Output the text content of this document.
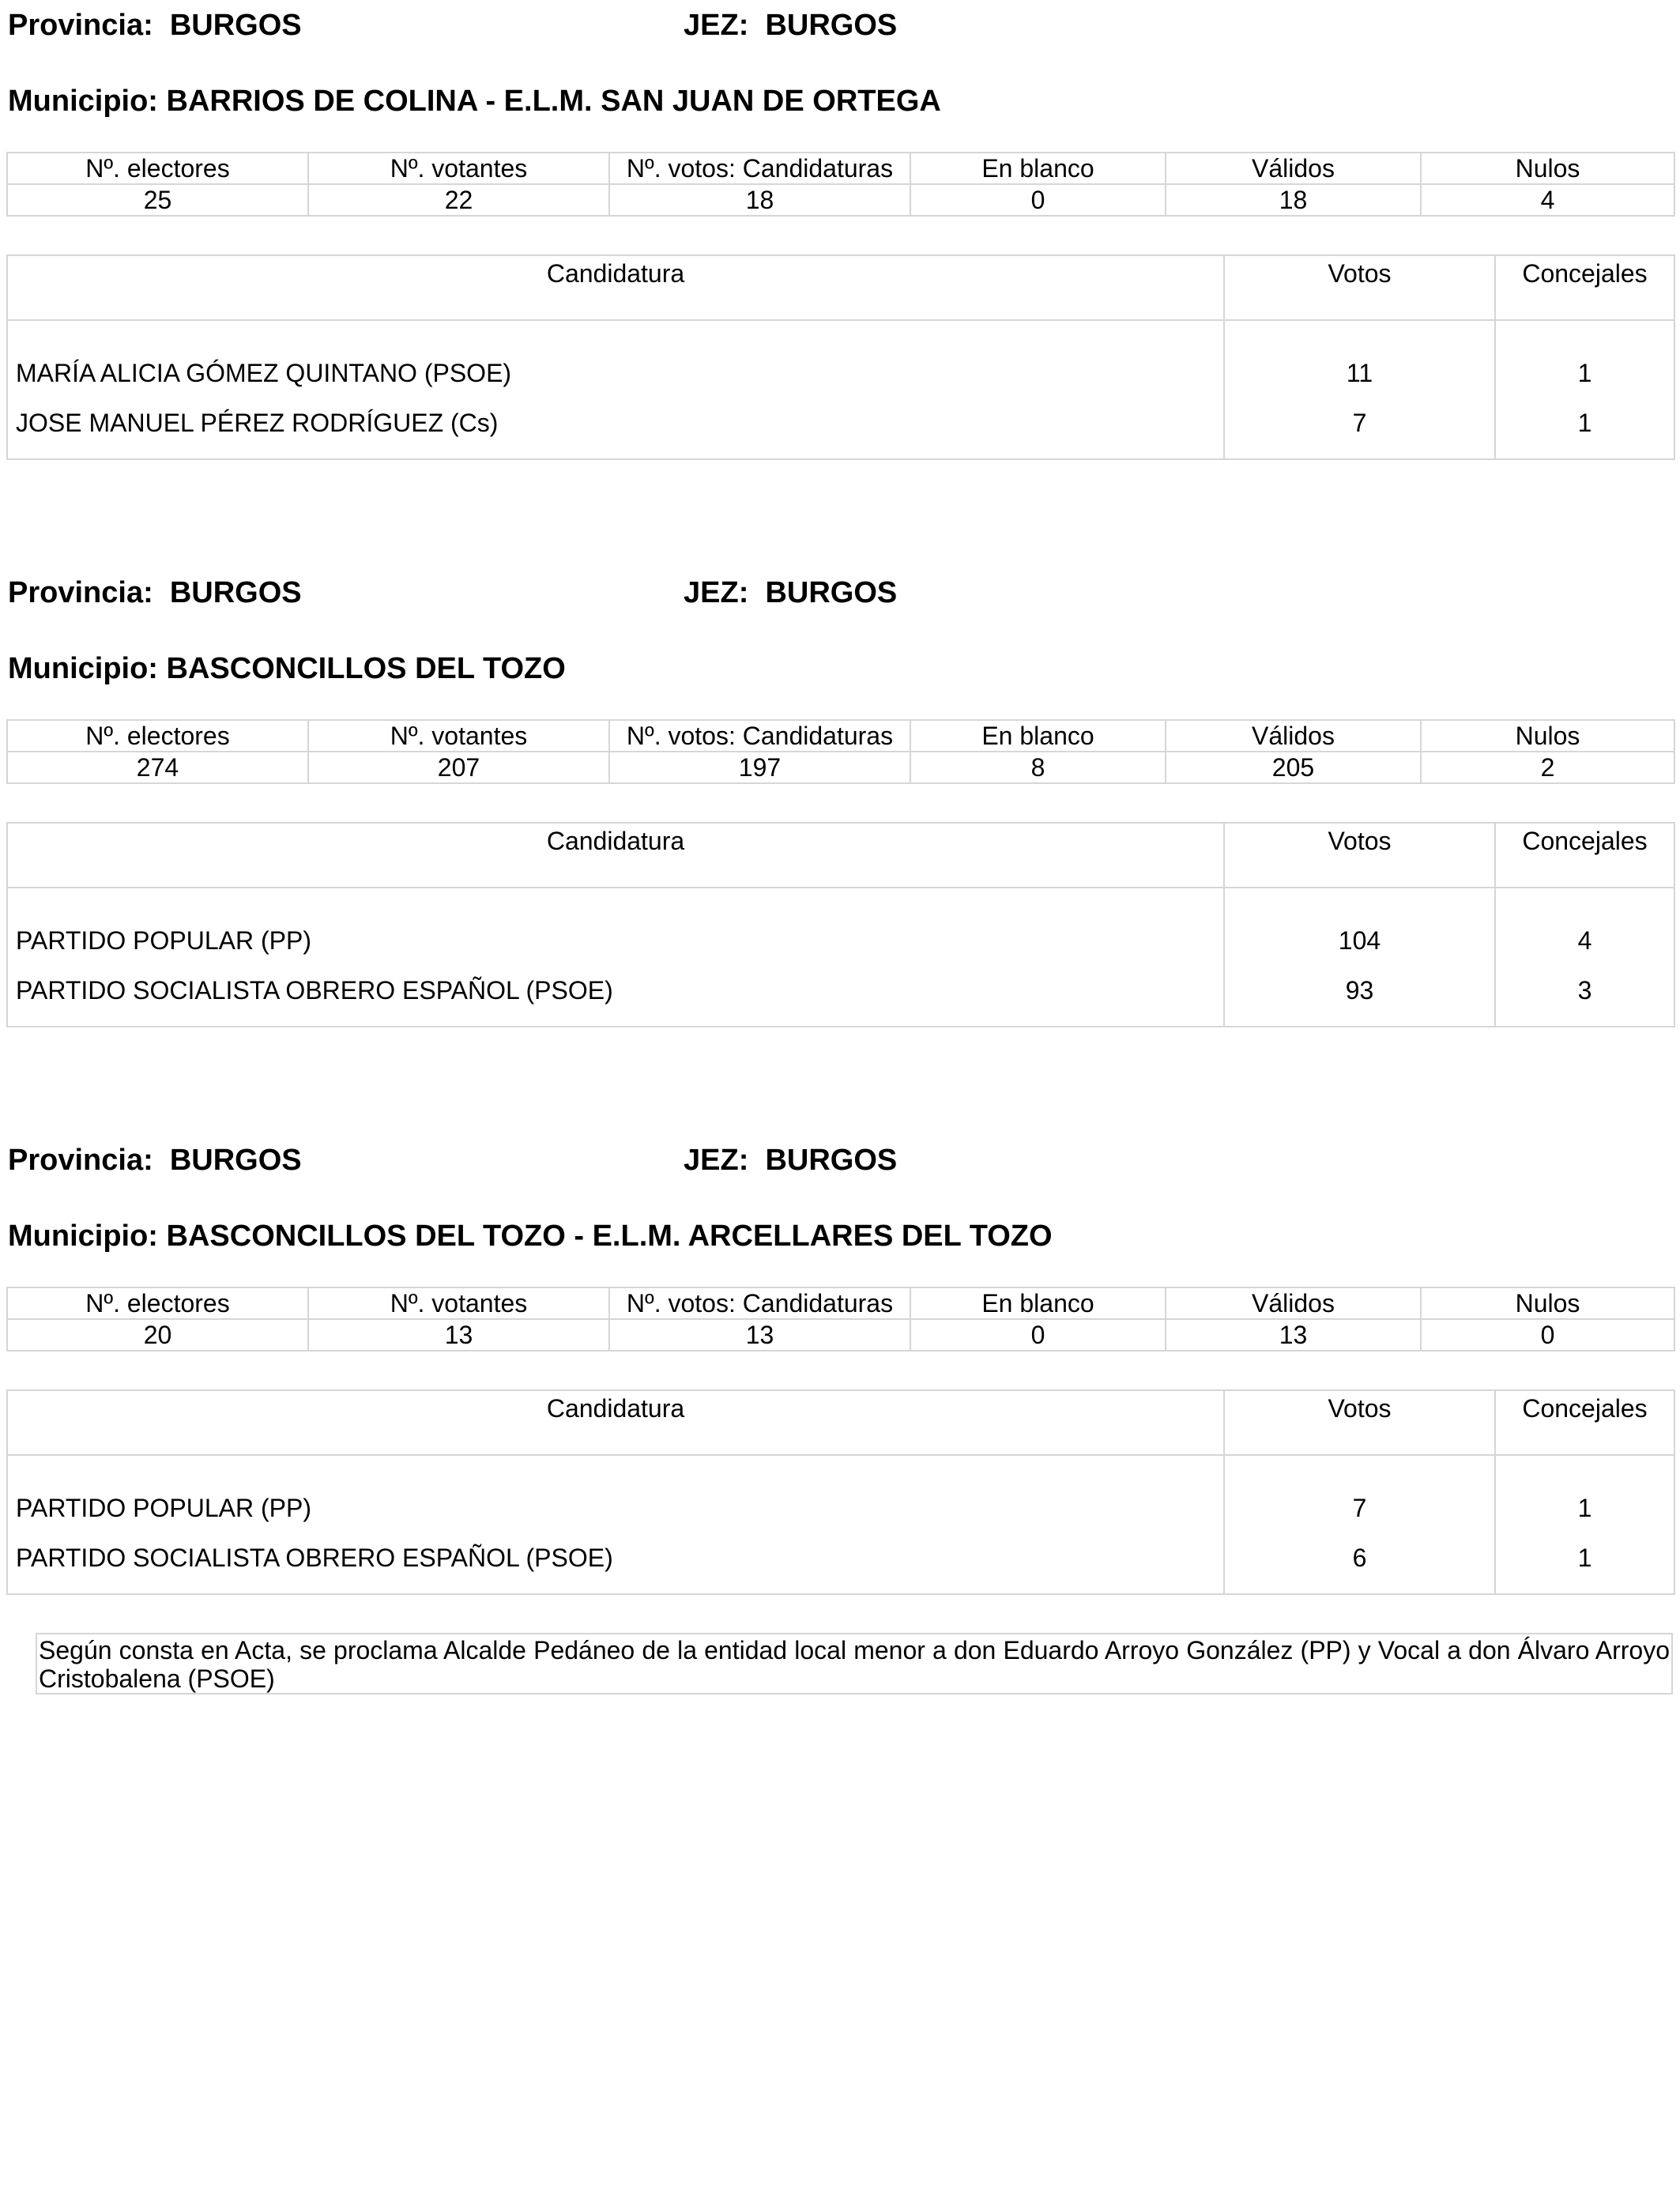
Provincia: BURGOS	JEZ: BURGOS
Municipio: BARRIOS DE COLINA - E.L.M. SAN JUAN DE ORTEGA
Nº. electores	Nº. votantes	Nº. votos: Candidaturas	En blanco	Válidos	Nulos
25	22	18	0	18	4
Candidatura	Votos	Concejales
MARÍA ALICIA GÓMEZ QUINTANO (PSOE)	11	1
JOSE MANUEL PÉREZ RODRÍGUEZ (Cs)	7	1
Provincia: BURGOS	JEZ: BURGOS
Municipio: BASCONCILLOS DEL TOZO
Nº. electores	Nº. votantes	Nº. votos: Candidaturas	En blanco	Válidos	Nulos
274	207	197	8	205	2
Candidatura	Votos	Concejales
PARTIDO POPULAR (PP)	104	4
PARTIDO SOCIALISTA OBRERO ESPAÑOL (PSOE)	93	3
Provincia: BURGOS	JEZ: BURGOS
Municipio: BASCONCILLOS DEL TOZO - E.L.M. ARCELLARES DEL TOZO
Nº. electores	Nº. votantes	Nº. votos: Candidaturas	En blanco	Válidos	Nulos
20	13	13	0	13	0
Candidatura	Votos	Concejales
PARTIDO POPULAR (PP)	7	1
PARTIDO SOCIALISTA OBRERO ESPAÑOL (PSOE)	6	1
Según consta en Acta, se proclama Alcalde Pedáneo de la entidad local menor a don Eduardo Arroyo González (PP) y Vocal a don Álvaro Arroyo Cristobalena (PSOE)
